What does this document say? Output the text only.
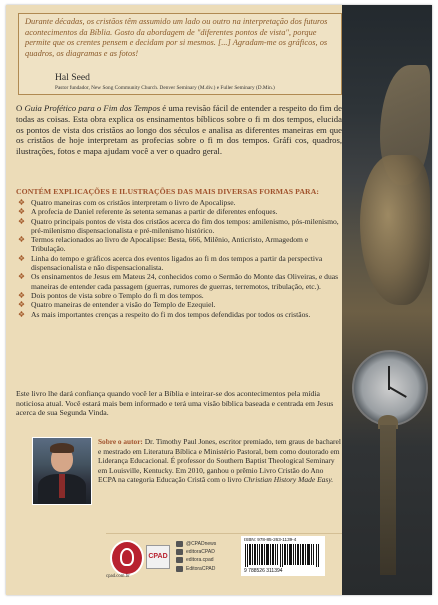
Durante décadas, os cristãos têm assumido um lado ou outro na interpretação dos futuros acontecimentos da Bíblia. Gosto da abordagem de "diferentes pontos de vista", porque permite que os crentes pensem e decidam por si mesmos. [...] Agradam-me os gráficos, os quadros, os diagramas e as fotos!
Hal Seed
Pastor fundador, New Song Community Church. Denver Seminary (M.div.) e Fuller Seminary (D.Min.)
O Guia Profético para o Fim dos Tempos é uma revisão fácil de entender a respeito do fim de todas as coisas. Esta obra explica os ensinamentos bíblicos sobre o fi m dos tempos, elucida os pontos de vista dos cristãos ao longo dos séculos e analisa as diferentes maneiras em que os cristãos de hoje interpretam as profecias sobre o fi m dos tempos. Gráfi cos, quadros, ilustrações, fotos e mapa ajudam você a ver o quadro geral.
CONTÉM EXPLICAÇÕES E ILUSTRAÇÕES DAS MAIS DIVERSAS FORMAS PARA:
❖ Quatro maneiras com os cristãos interpretam o livro de Apocalipse.
❖ A profecia de Daniel referente às setenta semanas a partir de diferentes enfoques.
❖ Quatro principais pontos de vista dos cristãos acerca do fim dos tempos: amilenismo, pós-milenismo, pré-milenismo dispensacionalista e pré-milenismo histórico.
❖ Termos relacionados ao livro de Apocalipse: Besta, 666, Milênio, Anticristo, Armagedom e Tribulação.
❖ Linha do tempo e gráficos acerca dos eventos ligados ao fi m dos tempos a partir da perspectiva dispensacionalista e não dispensacionalista.
❖ Os ensinamentos de Jesus em Mateus 24, conhecidos como o Sermão do Monte das Oliveiras, e duas maneiras de entender cada passagem (guerras, rumores de guerras, terremotos, tribulação, etc.).
❖ Dois pontos de vista sobre o Templo do fi m dos tempos.
❖ Quatro maneiras de entender a visão do Templo de Ezequiel.
❖ As mais importantes crenças a respeito do fi m dos tempos defendidas por todos os cristãos.
Este livro lhe dará confiança quando você ler a Bíblia e inteirar-se dos acontecimentos pela mídia noticiosa atual. Você estará mais bem informado e terá uma visão bíblica baseada e centrada em Jesus acerca de sua Segunda Vinda.
Sobre o autor: Dr. Timothy Paul Jones, escritor premiado, tem graus de bacharel e mestrado em Literatura Bíblica e Ministério Pastoral, bem como doutorado em Liderança Educacional. É professor do Southern Baptist Theological Seminary em Louisville, Kentucky. Em 2010, ganhou o prêmio Livro Cristão do Ano ECPA na categoria Educação Cristã com o livro Christian History Made Easy.
cpad.com.br
CPAD
@CPADnews
editoraCPAD
editora.cpad
EditoraCPAD
ISBN: 978-85-263-1139-4
9 788526 311394
